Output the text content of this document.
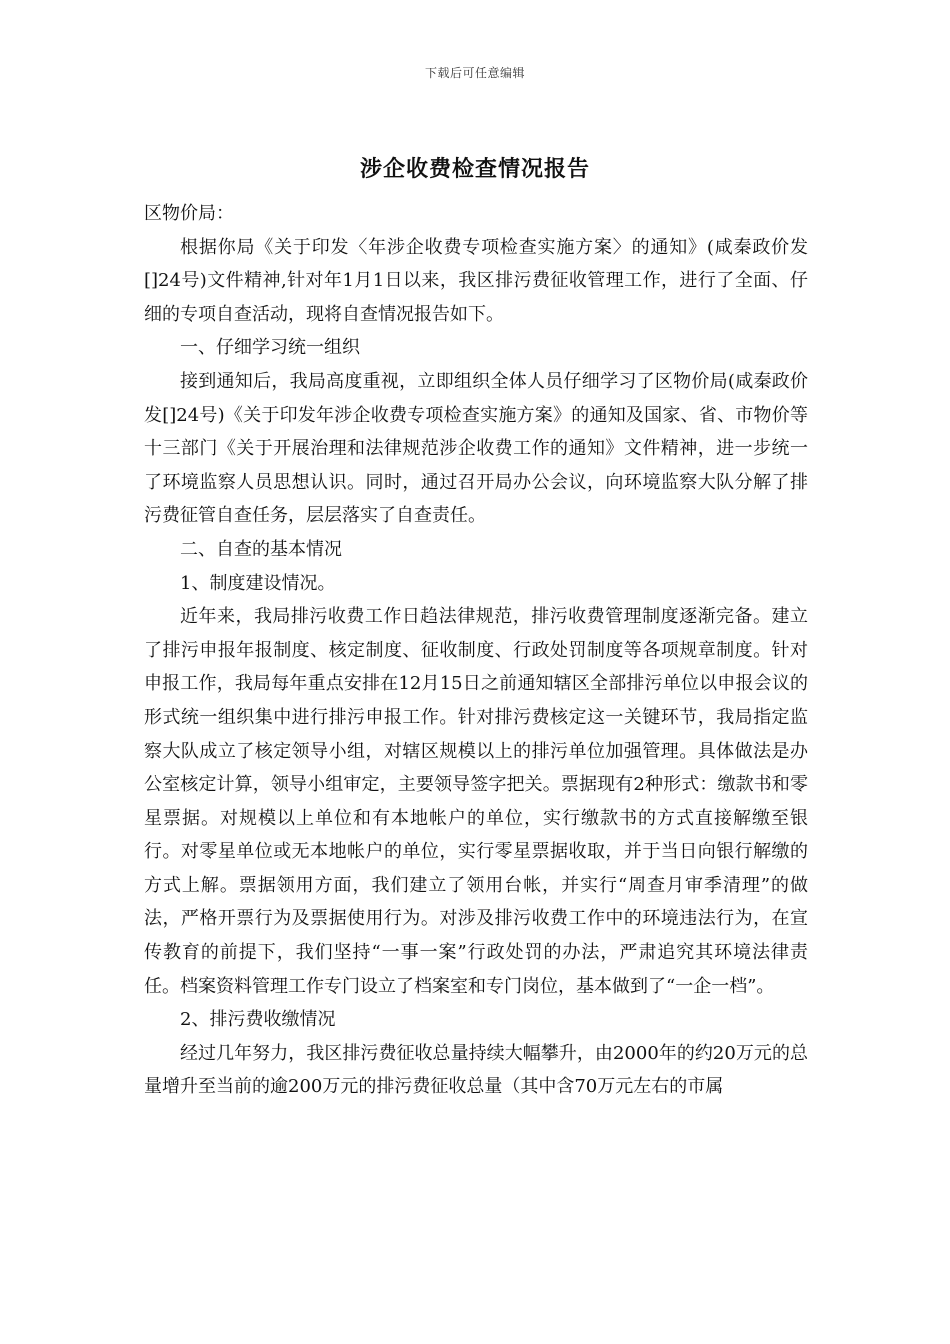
下载后可任意编辑
涉企收费检查情况报告

区物价局：

根据你局《关于印发〈年涉企收费专项检查实施方案〉的通知》(咸秦政价发[]24号)文件精神,针对年1月1日以来，我区排污费征收管理工作，进行了全面、仔细的专项自查活动，现将自查情况报告如下。

一、仔细学习统一组织

接到通知后，我局高度重视，立即组织全体人员仔细学习了区物价局(咸秦政价发[]24号)《关于印发年涉企收费专项检查实施方案》的通知及国家、省、市物价等十三部门《关于开展治理和法律规范涉企收费工作的通知》文件精神，进一步统一了环境监察人员思想认识。同时，通过召开局办公会议，向环境监察大队分解了排污费征管自查任务，层层落实了自查责任。

二、自查的基本情况

1、制度建设情况。

近年来，我局排污收费工作日趋法律规范，排污收费管理制度逐渐完备。建立了排污申报年报制度、核定制度、征收制度、行政处罚制度等各项规章制度。针对申报工作，我局每年重点安排在12月15日之前通知辖区全部排污单位以申报会议的形式统一组织集中进行排污申报工作。针对排污费核定这一关键环节，我局指定监察大队成立了核定领导小组，对辖区规模以上的排污单位加强管理。具体做法是办公室核定计算，领导小组审定，主要领导签字把关。票据现有2种形式：缴款书和零星票据。对规模以上单位和有本地帐户的单位，实行缴款书的方式直接解缴至银行。对零星单位或无本地帐户的单位，实行零星票据收取，并于当日向银行解缴的方式上解。票据领用方面，我们建立了领用台帐，并实行“周查月审季清理”的做法，严格开票行为及票据使用行为。对涉及排污收费工作中的环境违法行为，在宣传教育的前提下，我们坚持“一事一案”行政处罚的办法，严肃追究其环境法律责任。档案资料管理工作专门设立了档案室和专门岗位，基本做到了“一企一档”。

2、排污费收缴情况

经过几年努力，我区排污费征收总量持续大幅攀升，由2000年的约20万元的总量增升至当前的逾200万元的排污费征收总量（其中含70万元左右的市属
